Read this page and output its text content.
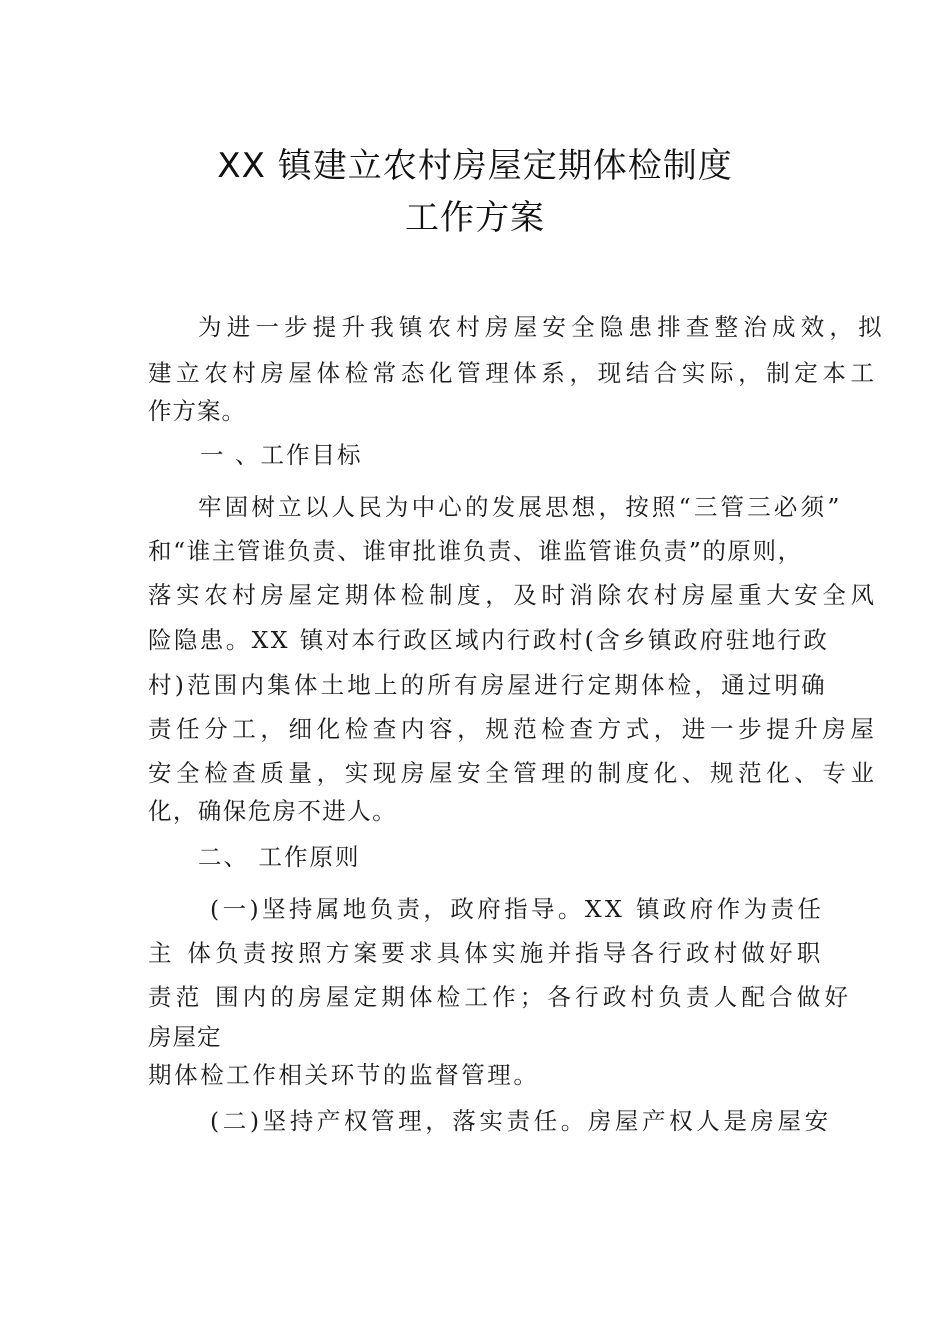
XX 镇建立农村房屋定期体检制度
工作方案
为进一步提升我镇农村房屋安全隐患排查整治成效，拟
建立农村房屋体检常态化管理体系，现结合实际，制定本工
作方案。
一 、工作目标
牢固树立以人民为中心的发展思想，按照“三管三必须”
和“谁主管谁负责、谁审批谁负责、谁监管谁负责”的原则，
落实农村房屋定期体检制度，及时消除农村房屋重大安全风
险隐患。XX 镇对本行政区域内行政村(含乡镇政府驻地行政
村)范围内集体土地上的所有房屋进行定期体检，通过明确
责任分工，细化检查内容，规范检查方式，进一步提升房屋
安全检查质量，实现房屋安全管理的制度化、规范化、专业
化，确保危房不进人。
二、 工作原则
(一)坚持属地负责，政府指导。XX 镇政府作为责任
主 体负责按照方案要求具体实施并指导各行政村做好职
责范 围内的房屋定期体检工作；各行政村负责人配合做好
房屋定
期体检工作相关环节的监督管理。
(二)坚持产权管理，落实责任。房屋产权人是房屋安
